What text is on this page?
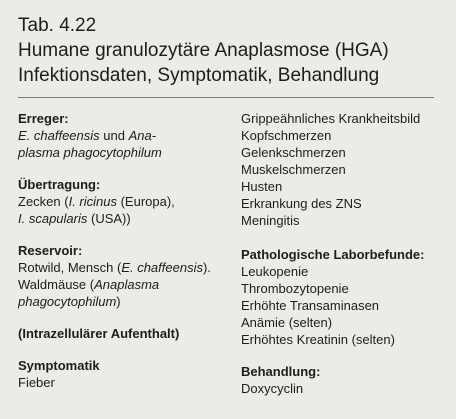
Tab. 4.22
Humane granulozytäre Anaplasmose (HGA)
Infektionsdaten, Symptomatik, Behandlung
Erreger:
E. chaffeensis und Ana-
plasma phagocytophilum
Übertragung:
Zecken (I. ricinus (Europa),
I. scapularis (USA))
Reservoir:
Rotwild, Mensch (E. chaffeensis).
Waldmäuse (Anaplasma
phagocytophilum)
(Intrazellulärer Aufenthalt)
Symptomatik
Fieber
Grippeähnliches Krankheitsbild
Kopfschmerzen
Gelenkschmerzen
Muskelschmerzen
Husten
Erkrankung des ZNS
Meningitis
Pathologische Laborbefunde:
Leukopenie
Thrombozytopenie
Erhöhte Transaminasen
Anämie (selten)
Erhöhtes Kreatinin (selten)
Behandlung:
Doxycyclin
